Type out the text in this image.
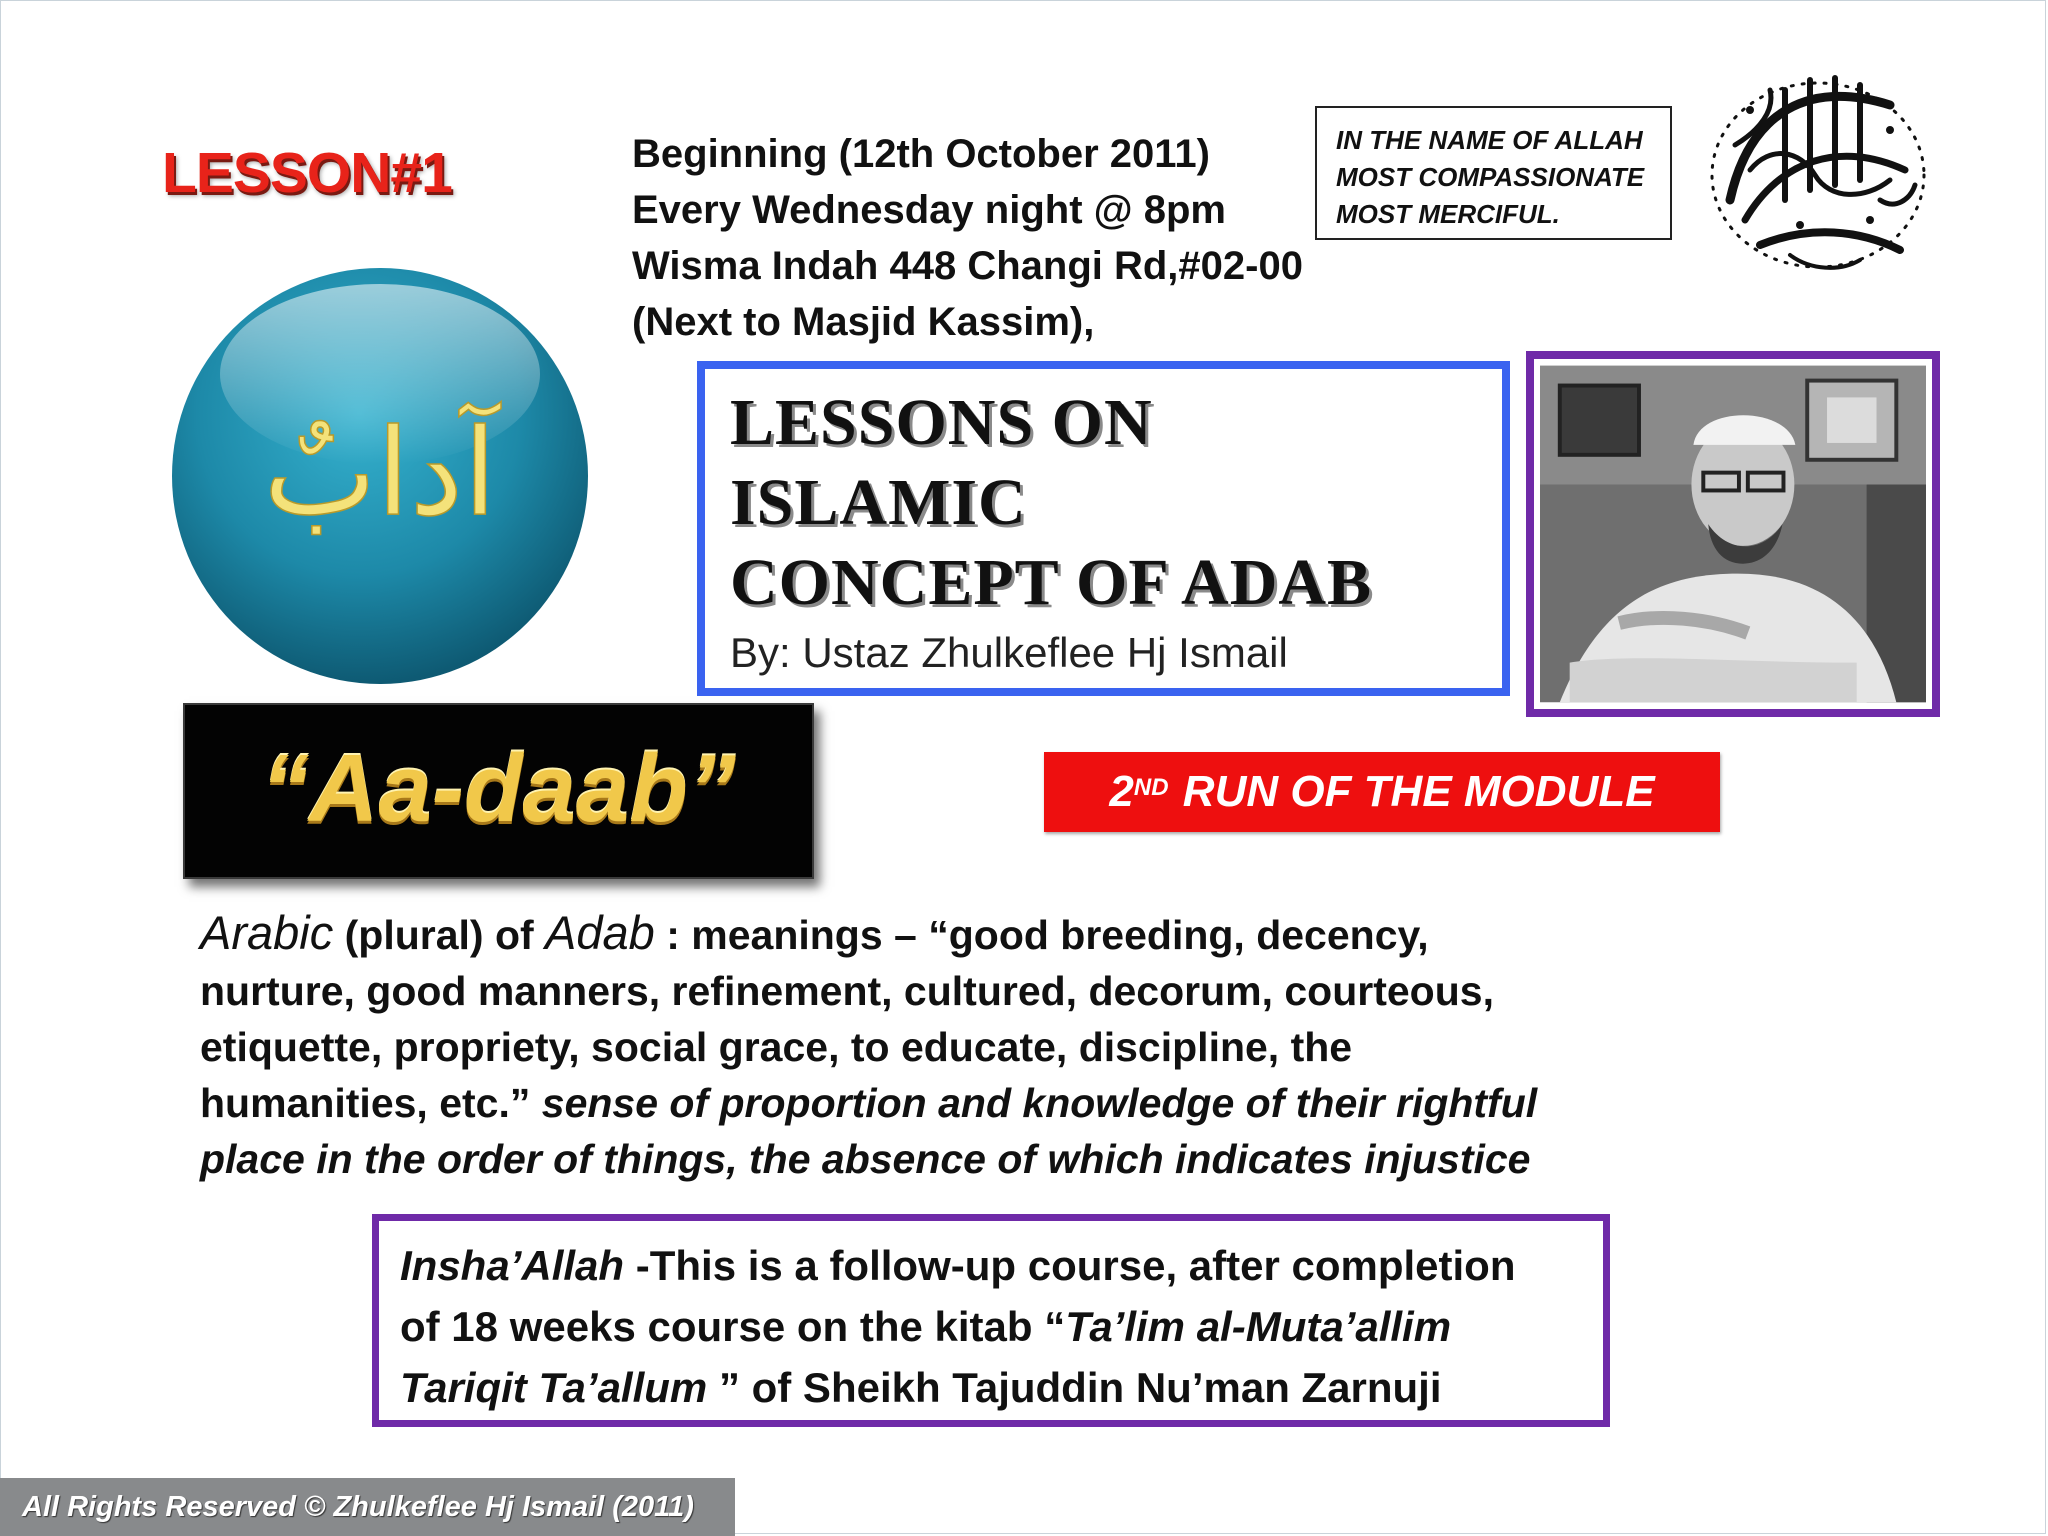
LESSON#1	Beginning (12th October 2011)
Every Wednesday night @ 8pm
Wisma Indah 448 Changi Rd,#02-00
(Next to Masjid Kassim),
IN THE NAME OF ALLAH
MOST COMPASSIONATE
MOST MERCIFUL.
آدابٌ	LESSONS ON
ISLAMIC
CONCEPT OF ADAB
By: Ustaz Zhulkeflee Hj Ismail
“Aa-daab”	2ND RUN OF THE MODULE
Arabic (plural) of Adab : meanings – “good breeding, decency,
nurture, good manners, refinement, cultured, decorum, courteous,
etiquette, propriety, social grace, to educate, discipline, the
humanities, etc.” sense of proportion and knowledge of their rightful
place in the order of things, the absence of which indicates injustice
Insha’Allah -This is a follow-up course, after completion
of 18 weeks course on the kitab “Ta’lim al-Muta’allim
Tariqit Ta’allum ” of Sheikh Tajuddin Nu’man Zarnuji
All Rights Reserved © Zhulkeflee Hj Ismail (2011)
